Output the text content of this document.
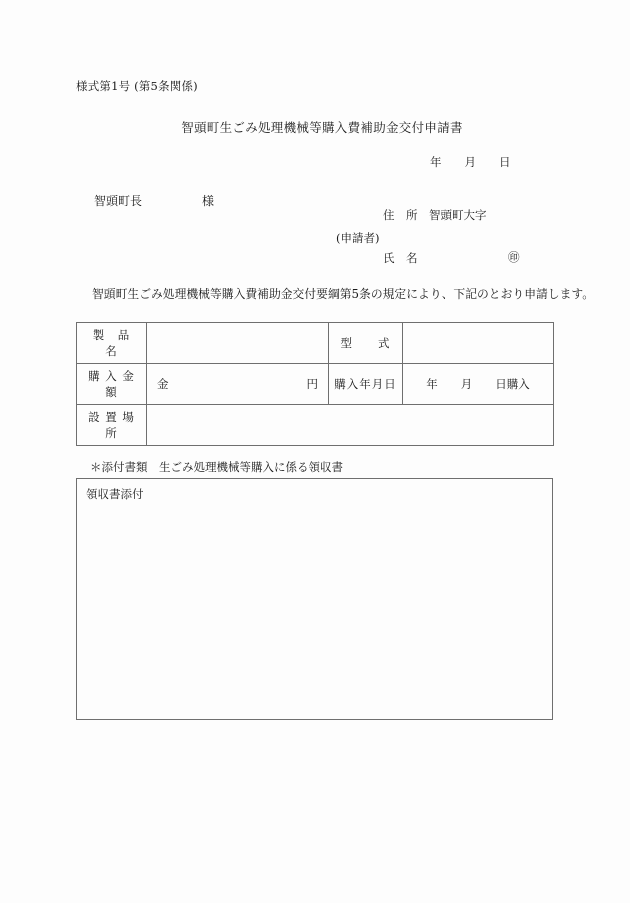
様式第1号 (第5条関係)
智頭町生ごみ処理機械等購入費補助金交付申請書
年　　月　　日
智頭町長　　　　　様
住　所　智頭町大字
(申請者)
氏　名	㊞
智頭町生ごみ処理機械等購入費補助金交付要綱第5条の規定により、下記のとおり申請します。
製　品　名		型　　式	
購 入 金 額	金 円	購入年月日	年　　月　　日購入
設 置 場 所			
＊添付書類　生ごみ処理機械等購入に係る領収書
領収書添付
